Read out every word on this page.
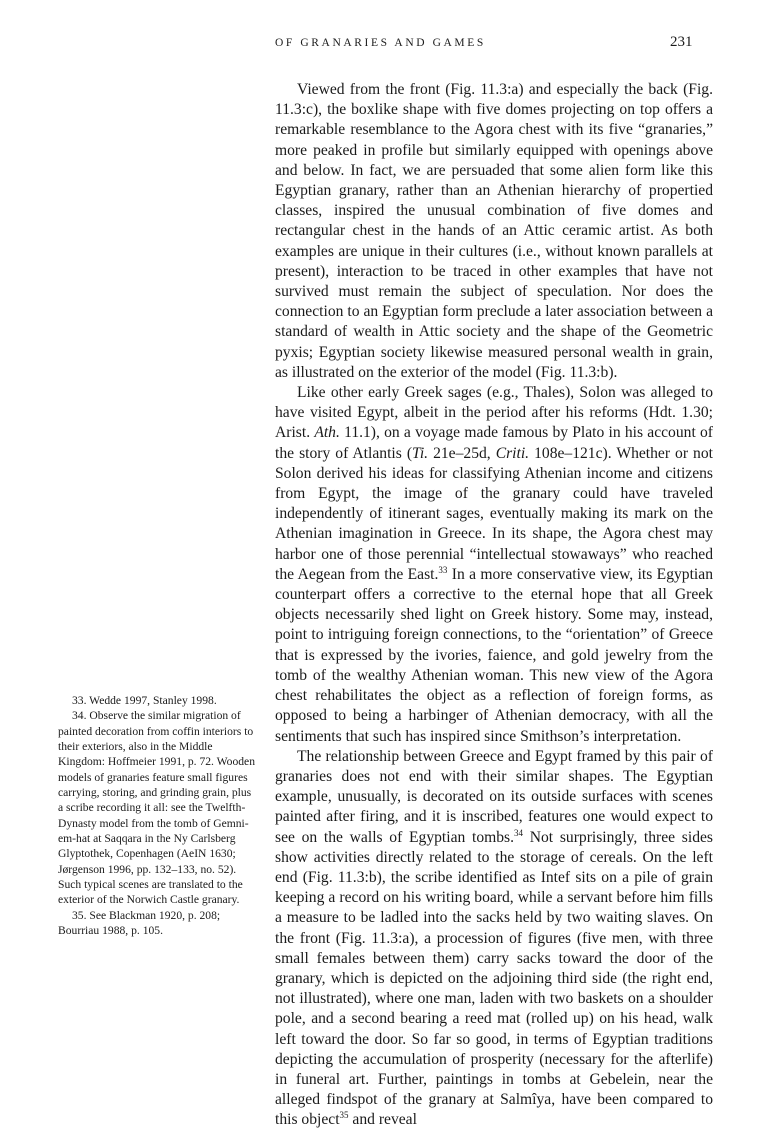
OF GRANARIES AND GAMES	231

Viewed from the front (Fig. 11.3:a) and especially the back (Fig. 11.3:c), the boxlike shape with five domes projecting on top offers a remarkable resemblance to the Agora chest with its five “granaries,” more peaked in profile but similarly equipped with openings above and below. In fact, we are persuaded that some alien form like this Egyptian granary, rather than an Athenian hierarchy of propertied classes, inspired the unusual combination of five domes and rectangular chest in the hands of an Attic ceramic artist. As both examples are unique in their cultures (i.e., without known parallels at present), interaction to be traced in other examples that have not survived must remain the subject of speculation. Nor does the connection to an Egyptian form preclude a later association between a standard of wealth in Attic society and the shape of the Geometric pyxis; Egyptian society likewise measured personal wealth in grain, as illustrated on the exterior of the model (Fig. 11.3:b).

Like other early Greek sages (e.g., Thales), Solon was alleged to have visited Egypt, albeit in the period after his reforms (Hdt. 1.30; Arist. Ath. 11.1), on a voyage made famous by Plato in his account of the story of Atlantis (Ti. 21e–25d, Criti. 108e–121c). Whether or not Solon derived his ideas for classifying Athenian income and citizens from Egypt, the image of the granary could have traveled independently of itinerant sages, eventually making its mark on the Athenian imagination in Greece. In its shape, the Agora chest may harbor one of those perennial “intellectual stowaways” who reached the Aegean from the East.$^{33}$ In a more conservative view, its Egyptian counterpart offers a corrective to the eternal hope that all Greek objects necessarily shed light on Greek history. Some may, instead, point to intriguing foreign connections, to the “orientation” of Greece that is expressed by the ivories, faience, and gold jewelry from the tomb of the wealthy Athenian woman. This new view of the Agora chest rehabilitates the object as a reflection of foreign forms, as opposed to being a harbinger of Athenian democracy, with all the sentiments that such has inspired since Smithson’s interpretation.

The relationship between Greece and Egypt framed by this pair of granaries does not end with their similar shapes. The Egyptian example, unusually, is decorated on its outside surfaces with scenes painted after firing, and it is inscribed, features one would expect to see on the walls of Egyptian tombs.$^{34}$ Not surprisingly, three sides show activities directly related to the storage of cereals. On the left end (Fig. 11.3:b), the scribe identified as Intef sits on a pile of grain keeping a record on his writing board, while a servant before him fills a measure to be ladled into the sacks held by two waiting slaves. On the front (Fig. 11.3:a), a procession of figures (five men, with three small females between them) carry sacks toward the door of the granary, which is depicted on the adjoining third side (the right end, not illustrated), where one man, laden with two baskets on a shoulder pole, and a second bearing a reed mat (rolled up) on his head, walk left toward the door. So far so good, in terms of Egyptian traditions depicting the accumulation of prosperity (necessary for the afterlife) in funeral art. Further, paintings in tombs at Gebelein, near the alleged findspot of the granary at Salmîya, have been compared to this object$^{35}$ and reveal

33. Wedde 1997, Stanley 1998.

34. Observe the similar migration of painted decoration from coffin interiors to their exteriors, also in the Middle Kingdom: Hoffmeier 1991, p. 72. Wooden models of granaries feature small figures carrying, storing, and grinding grain, plus a scribe recording it all: see the Twelfth-Dynasty model from the tomb of Gemni-em-hat at Saqqara in the Ny Carlsberg Glyptothek, Copenhagen (AeIN 1630; Jørgenson 1996, pp. 132–133, no. 52). Such typical scenes are translated to the exterior of the Norwich Castle granary.

35. See Blackman 1920, p. 208; Bourriau 1988, p. 105.
